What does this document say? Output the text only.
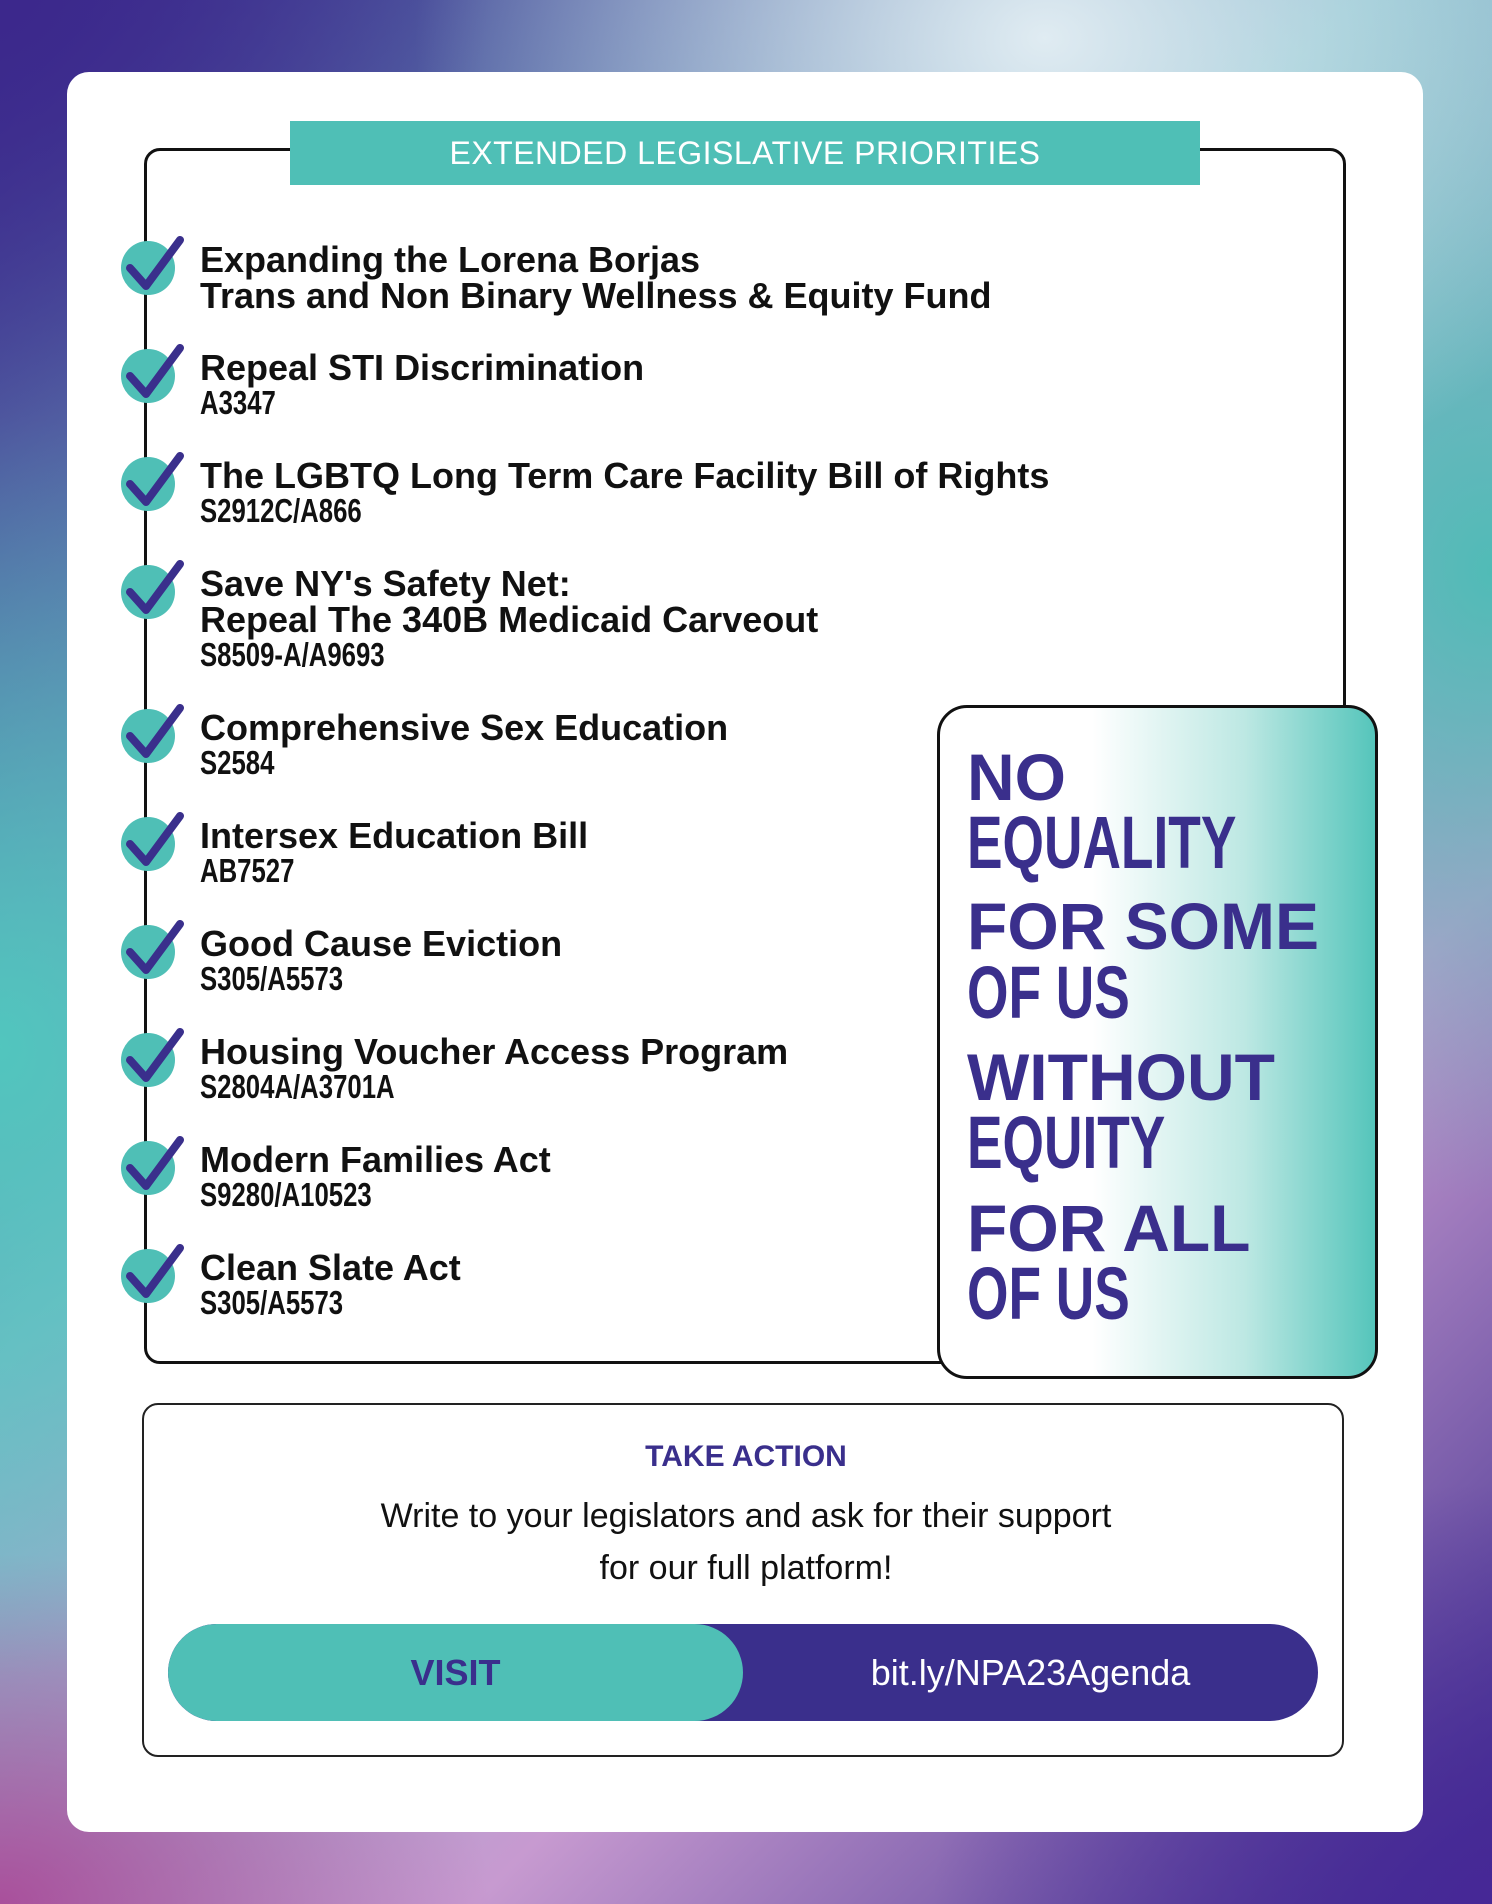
EXTENDED LEGISLATIVE PRIORITIES
Expanding the Lorena Borjas
Trans and Non Binary Wellness & Equity Fund
Repeal STI Discrimination
A3347
The LGBTQ Long Term Care Facility Bill of Rights
S2912C/A866
Save NY's Safety Net:
Repeal The 340B Medicaid Carveout
S8509-A/A9693
Comprehensive Sex Education
S2584
Intersex Education Bill
AB7527
Good Cause Eviction
S305/A5573
Housing Voucher Access Program
S2804A/A3701A
Modern Families Act
S9280/A10523
Clean Slate Act
S305/A5573
NO
EQUALITY
FOR SOME
OF US
WITHOUT
EQUITY
FOR ALL
OF US
TAKE ACTION
Write to your legislators and ask for their support
for our full platform!
VISIT	bit.ly/NPA23Agenda
